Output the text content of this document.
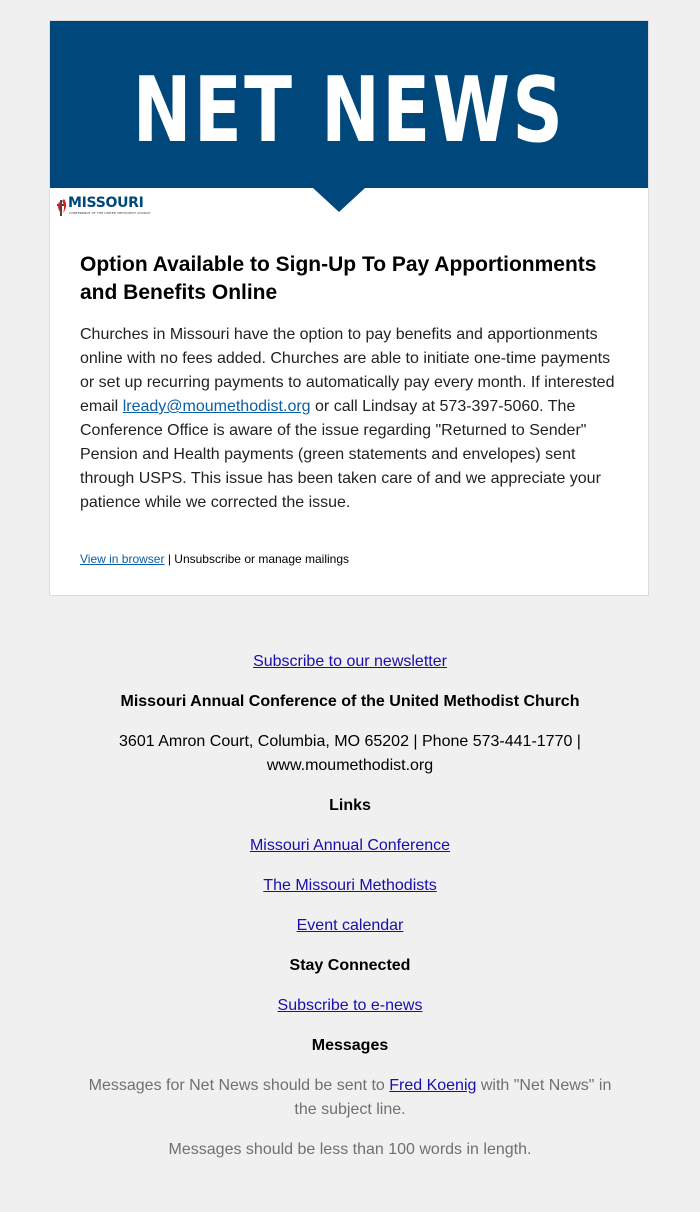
NET NEWS
MISSOURI
CONFERENCE OF THE UNITED METHODIST CHURCH
Option Available to Sign-Up To Pay Apportionments and Benefits Online

Churches in Missouri have the option to pay benefits and apportionments online with no fees added. Churches are able to initiate one-time payments or set up recurring payments to automatically pay every month. If interested email lready@moumethodist.org or call Lindsay at 573-397-5060. The Conference Office is aware of the issue regarding "Returned to Sender" Pension and Health payments (green statements and envelopes) sent through USPS. This issue has been taken care of and we appreciate your patience while we corrected the issue.

View in browser | Unsubscribe or manage mailings

Subscribe to our newsletter

Missouri Annual Conference of the United Methodist Church

3601 Amron Court, Columbia, MO 65202 | Phone 573-441-1770 | www.moumethodist.org

Links

Missouri Annual Conference

The Missouri Methodists

Event calendar

Stay Connected

Subscribe to e-news

Messages

Messages for Net News should be sent to Fred Koenig with "Net News" in the subject line.

Messages should be less than 100 words in length.
